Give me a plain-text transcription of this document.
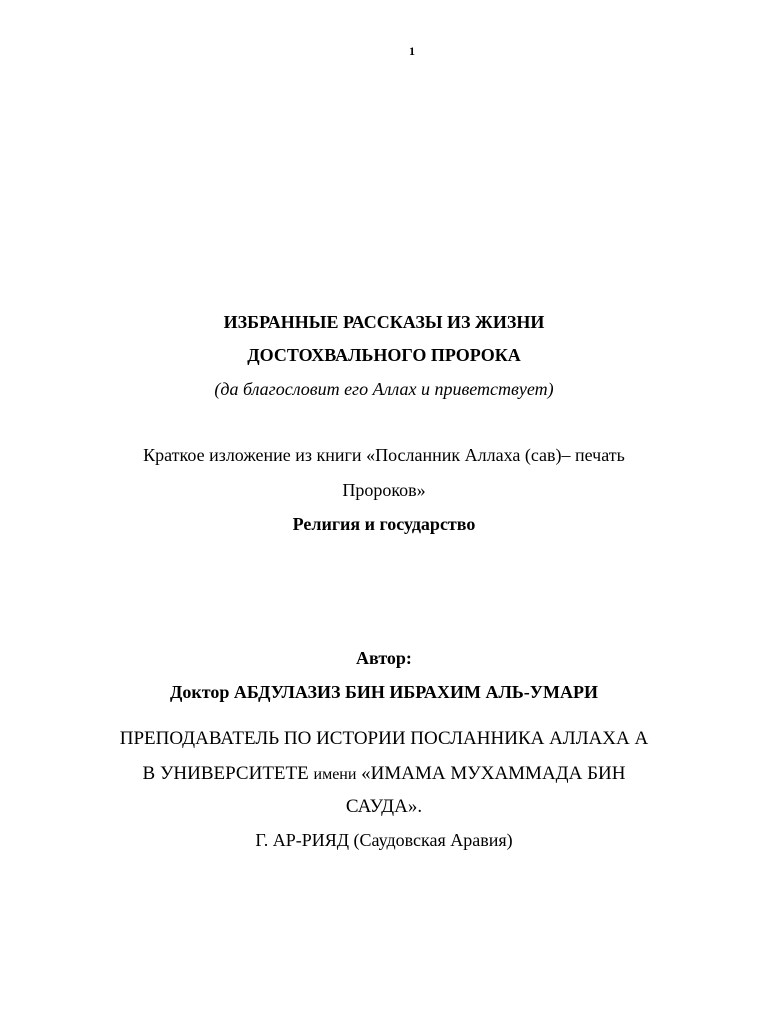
1
ИЗБРАННЫЕ РАССКАЗЫ ИЗ ЖИЗНИ
ДОСТОХВАЛЬНОГО ПРОРОКА
(да благословит его Аллах и приветствует)
Краткое изложение из книги «Посланник Аллаха (сав)– печать
Пророков»
Религия и государство
Автор:
Доктор АБДУЛАЗИЗ БИН ИБРАХИМ АЛЬ-УМАРИ
ПРЕПОДАВАТЕЛЬ ПО ИСТОРИИ ПОСЛАННИКА АЛЛАХА А
В УНИВЕРСИТЕТЕ имени «ИМАМА МУХАММАДА БИН
САУДА».
Г. АР-РИЯД (Саудовская Аравия)
